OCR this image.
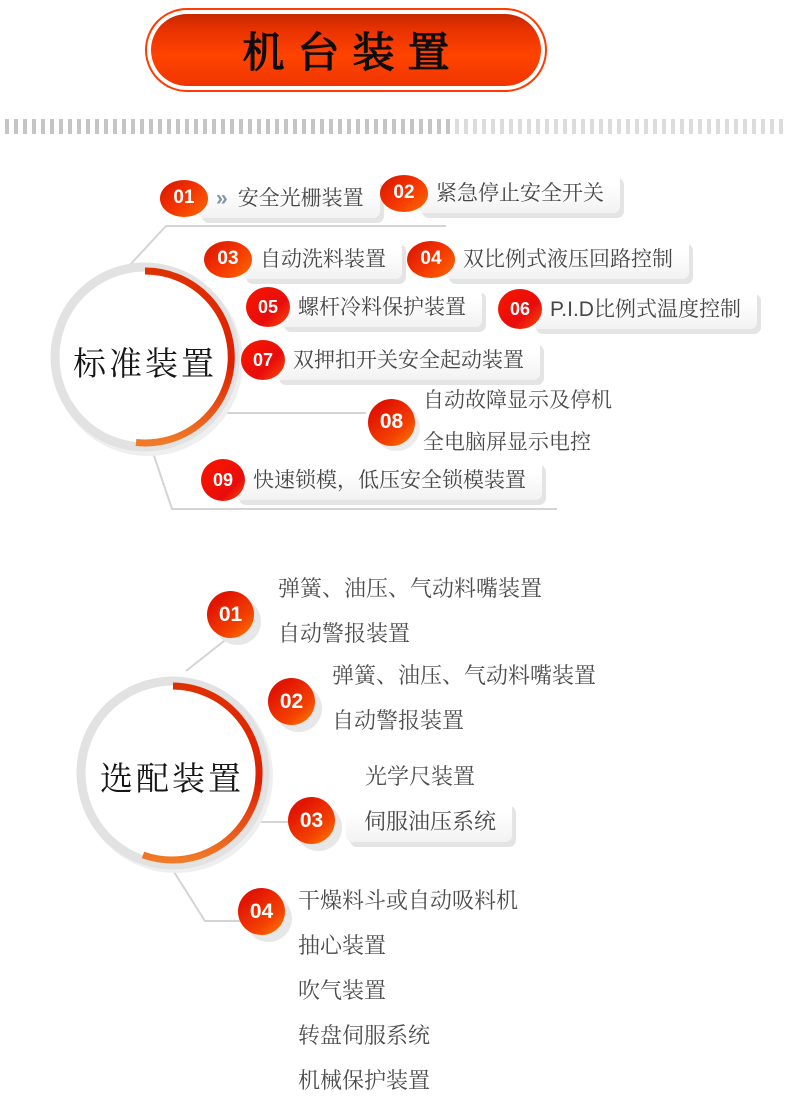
机台装置
标准装置
选配装置
01	» 安全光栅装置	02	紧急停止安全开关
03	自动洗料装置	04	双比例式液压回路控制
05 螺杆冷料保护装置	06 P.I.D比例式温度控制
07 双押扣开关安全起动装置
08
自动故障显示及停机
全电脑屏显示电控
09 快速锁模，低压安全锁模装置
01
弹簧、油压、气动料嘴装置
自动警报装置
02
弹簧、油压、气动料嘴装置
自动警报装置
03
光学尺装置
伺服油压系统
04	干燥料斗或自动吸料机
抽心装置
吹气装置
转盘伺服系统
机械保护装置
